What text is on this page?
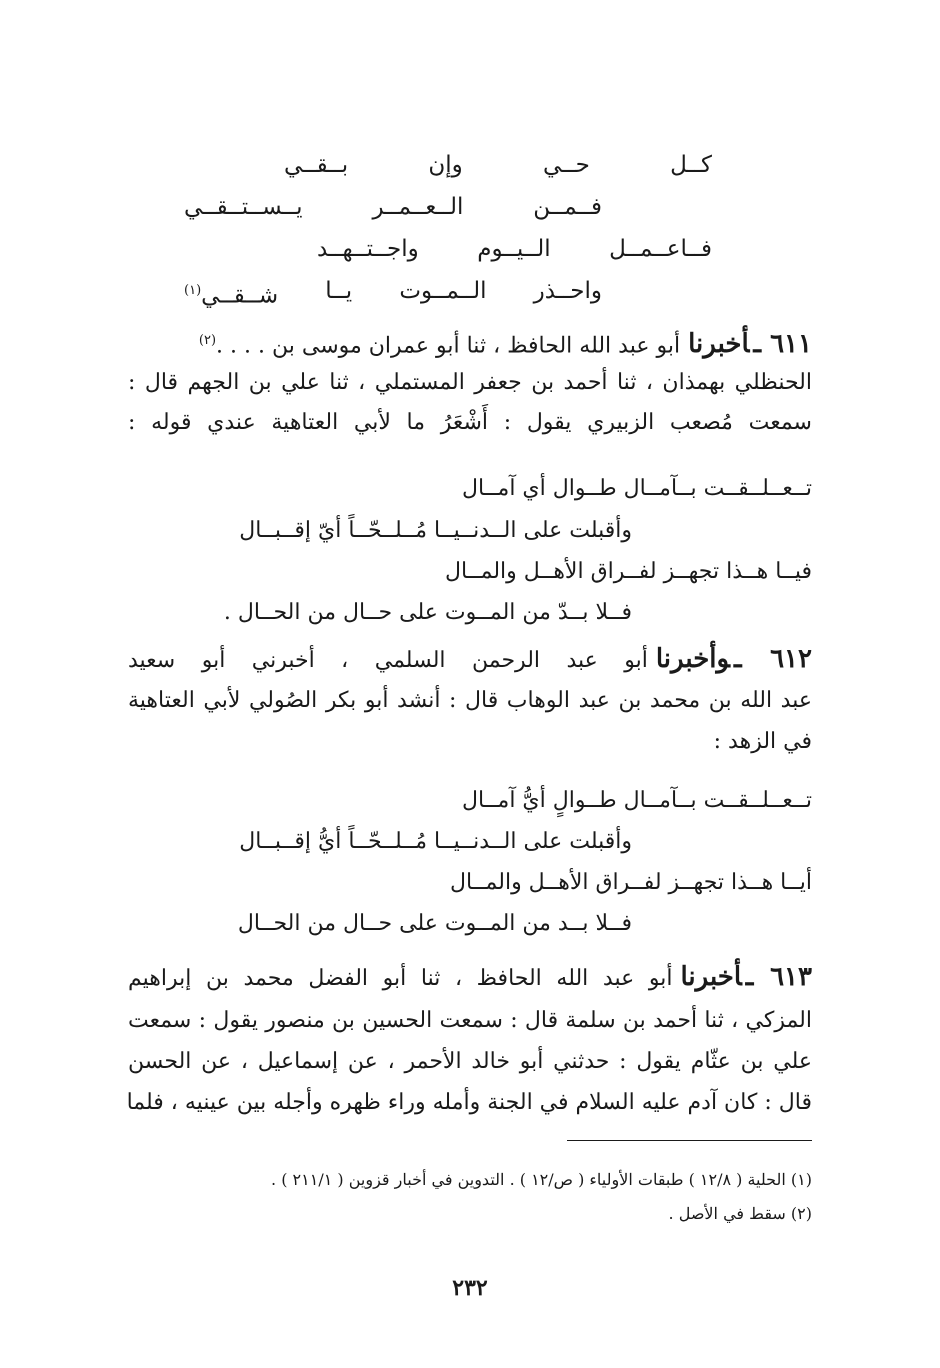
كــل
حــي
وإن
بــقــي
فــمــن
الــعــمــر
يــســتــقــي
فــاعــمــل
الــيــوم
واجــتــهــد
واحــذر
الــمــوت
يــا
شــقــي$^{(١)}$
٦١١ ـأخبرناأبو عبد الله الحافظ ، ثنا أبو عمران موسى بن . . . .$^{(٢)}$
الحنظلي بهمذان ، ثنا أحمد بن جعفر المستملي ، ثنا علي بن الجهم قال :
سمعت مُصعب الزبيري يقول : أَشْعَرُ ما لأبي العتاهية عندي قوله :
تــعــلــقــت بــآمــال طــوال أي آمــال
وأقبلت على الــدنــيــا مُــلــحّــاً أيّ إقــبــال
فيــا هــذا تجهــز لفــراق الأهــل والمــال
فــلا بــدّ من المــوت على حــال من الحــال .
٦١٢ ـوأخبرناأبو عبد الرحمن السلمي ، أخبرني أبو سعيد
عبد الله بن محمد بن عبد الوهاب قال : أنشد أبو بكر الصُولي لأبي العتاهية
في الزهد :
تــعــلــقــت بــآمــال طــوالٍ أيُّ آمــال
وأقبلت على الــدنــيــا مُــلــحّــاً أيُّ إقــبــال
أيــا هــذا تجهــز لفــراق الأهــل والمــال
فــلا بــد من المــوت على حــال من الحــال
٦١٣ ـأخبرناأبو عبد الله الحافظ ، ثنا أبو الفضل محمد بن إبراهيم
المزكي ، ثنا أحمد بن سلمة قال : سمعت الحسين بن منصور يقول : سمعت
علي بن عثّام يقول : حدثني أبو خالد الأحمر ، عن إسماعيل ، عن الحسن
قال : كان آدم عليه السلام في الجنة وأمله وراء ظهره وأجله بين عينيه ، فلما
(١) الحلية ( ١٢/٨ ) طبقات الأولياء ( ص/١٢ ) . التدوين في أخبار قزوين ( ٢١١/١ ) .
(٢) سقط في الأصل .
٢٣٢
